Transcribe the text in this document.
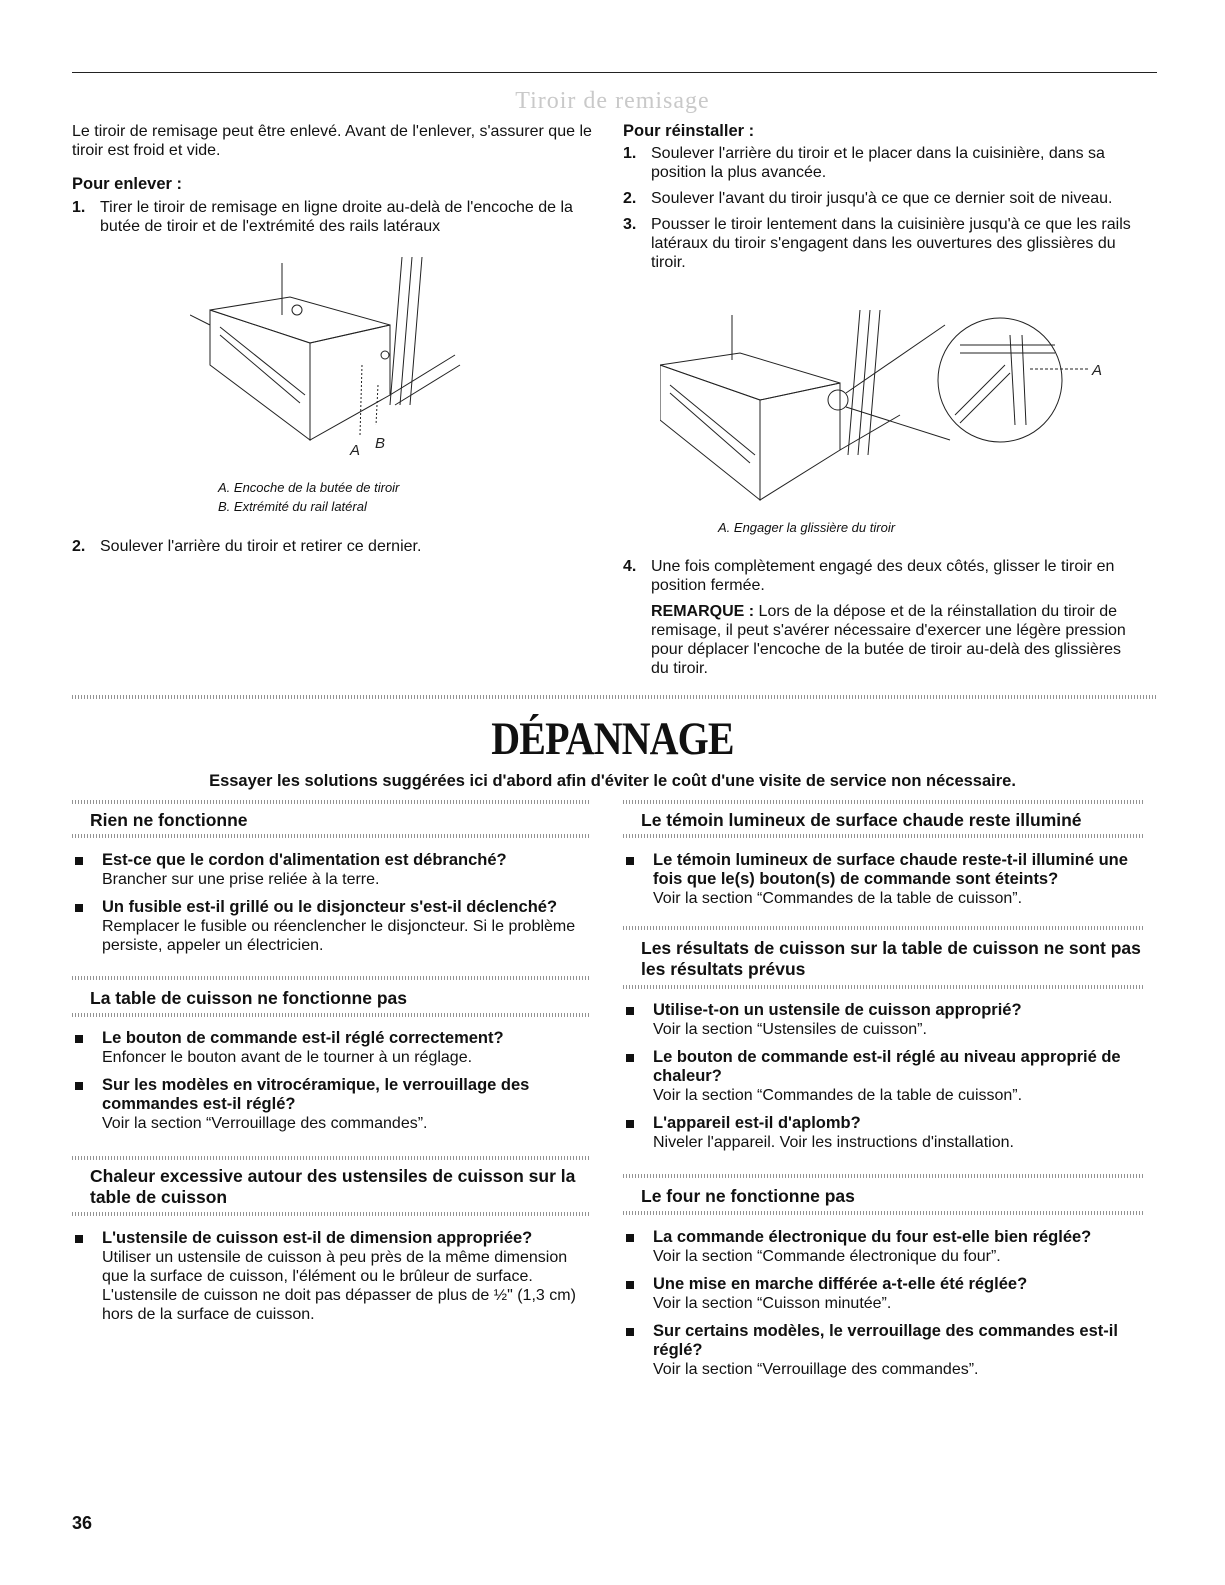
Tiroir de remisage

Le tiroir de remisage peut être enlevé. Avant de l'enlever, s'assurer que le tiroir est froid et vide.

Pour enlever :
1. Tirer le tiroir de remisage en ligne droite au-delà de l'encoche de la butée de tiroir et de l'extrémité des rails latéraux
A B
A. Encoche de la butée de tiroir
B. Extrémité du rail latéral
2. Soulever l'arrière du tiroir et retirer ce dernier.
Pour réinstaller :
1. Soulever l'arrière du tiroir et le placer dans la cuisinière, dans sa position la plus avancée.
2. Soulever l'avant du tiroir jusqu'à ce que ce dernier soit de niveau.
3. Pousser le tiroir lentement dans la cuisinière jusqu'à ce que les rails latéraux du tiroir s'engagent dans les ouvertures des glissières du tiroir.
A
A. Engager la glissière du tiroir
4. Une fois complètement engagé des deux côtés, glisser le tiroir en position fermée.

REMARQUE : Lors de la dépose et de la réinstallation du tiroir de remisage, il peut s'avérer nécessaire d'exercer une légère pression pour déplacer l'encoche de la butée de tiroir au-delà des glissières du tiroir.

DÉPANNAGE
Essayer les solutions suggérées ici d'abord afin d'éviter le coût d'une visite de service non nécessaire.
Rien ne fonctionne
Est-ce que le cordon d'alimentation est débranché?
Brancher sur une prise reliée à la terre.
Un fusible est-il grillé ou le disjoncteur s'est-il déclenché?
Remplacer le fusible ou réenclencher le disjoncteur. Si le problème persiste, appeler un électricien.
La table de cuisson ne fonctionne pas
Le bouton de commande est-il réglé correctement?
Enfoncer le bouton avant de le tourner à un réglage.
Sur les modèles en vitrocéramique, le verrouillage des commandes est-il réglé?
Voir la section “Verrouillage des commandes”.
Chaleur excessive autour des ustensiles de cuisson sur la table de cuisson
L'ustensile de cuisson est-il de dimension appropriée?
Utiliser un ustensile de cuisson à peu près de la même dimension que la surface de cuisson, l'élément ou le brûleur de surface. L'ustensile de cuisson ne doit pas dépasser de plus de ½" (1,3 cm) hors de la surface de cuisson.
Le témoin lumineux de surface chaude reste illuminé
Le témoin lumineux de surface chaude reste-t-il illuminé une fois que le(s) bouton(s) de commande sont éteints?
Voir la section “Commandes de la table de cuisson”.
Les résultats de cuisson sur la table de cuisson ne sont pas les résultats prévus
Utilise-t-on un ustensile de cuisson approprié?
Voir la section “Ustensiles de cuisson”.
Le bouton de commande est-il réglé au niveau approprié de chaleur?
Voir la section “Commandes de la table de cuisson”.
L'appareil est-il d'aplomb?
Niveler l'appareil. Voir les instructions d'installation.
Le four ne fonctionne pas
La commande électronique du four est-elle bien réglée?
Voir la section “Commande électronique du four”.
Une mise en marche différée a-t-elle été réglée?
Voir la section “Cuisson minutée”.
Sur certains modèles, le verrouillage des commandes est-il réglé?
Voir la section “Verrouillage des commandes”.
36
